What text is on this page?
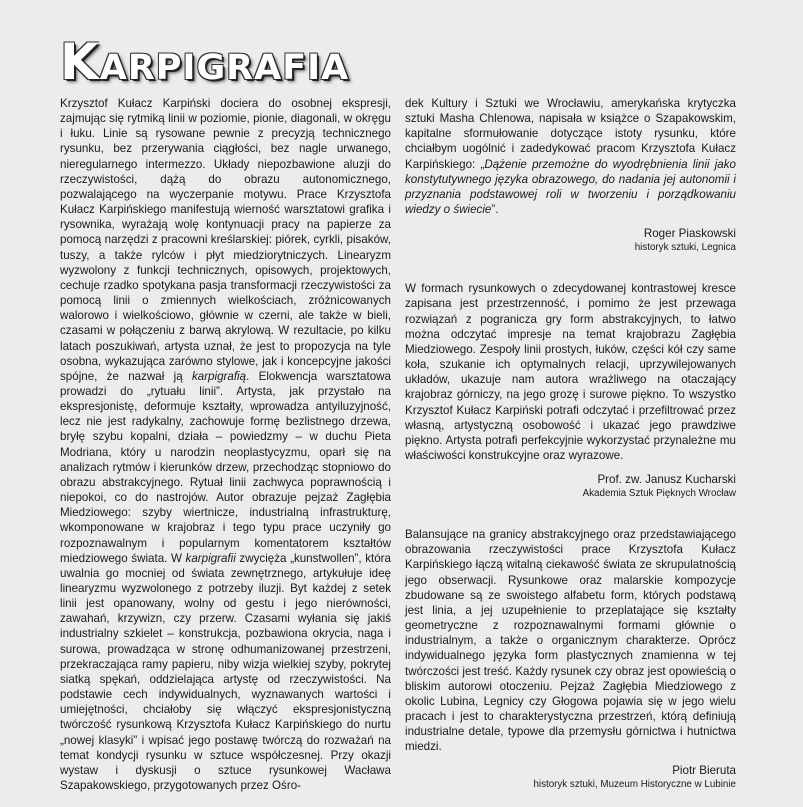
Karpigrafia

Krzysztof Kułacz Karpiński dociera do osobnej ekspresji, zajmując się rytmiką linii w poziomie, pionie, diagonali, w okręgu i łuku. Linie są rysowane pewnie z precyzją technicznego rysunku, bez przerywania ciągłości, bez nagle urwanego, nieregularnego intermezzo. Układy niepozbawione aluzji do rzeczywistości, dążą do obrazu autonomicznego, pozwalającego na wyczerpanie motywu. Prace Krzysztofa Kułacz Karpińskiego manifestują wierność warsztatowi grafika i rysownika, wyrażają wolę kontynuacji pracy na papierze za pomocą narzędzi z pracowni kreślarskiej: piórek, cyrkli, pisaków, tuszy, a także rylców i płyt miedziorytniczych. Linearyzm wyzwolony z funkcji technicznych, opisowych, projektowych, cechuje rzadko spotykana pasja transformacji rzeczywistości za pomocą linii o zmiennych wielkościach, zróżnicowanych walorowo i wielkościowo, głównie w czerni, ale także w bieli, czasami w połączeniu z barwą akrylową. W rezultacie, po kilku latach poszukiwań, artysta uznał, że jest to propozycja na tyle osobna, wykazująca zarówno stylowe, jak i koncepcyjne jakości spójne, że nazwał ją karpigrafią. Elokwencja warsztatowa prowadzi do „rytuału linii”. Artysta, jak przystało na ekspresjonistę, deformuje kształty, wprowadza antyiluzyjność, lecz nie jest radykalny, zachowuje formę bezlistnego drzewa, bryłę szybu kopalni, działa – powiedzmy – w duchu Pieta Modriana, który u narodzin neoplastycyzmu, oparł się na analizach rytmów i kierunków drzew, przechodząc stopniowo do obrazu abstrakcyjnego. Rytuał linii zachwyca poprawnością i niepokoi, co do nastrojów. Autor obrazuje pejzaż Zagłębia Miedziowego: szyby wiertnicze, industrialną infrastrukturę, wkomponowane w krajobraz i tego typu prace uczyniły go rozpoznawalnym i popularnym komentatorem kształtów miedziowego świata. W karpigrafii zwycięża „kunstwollen”, która uwalnia go mocniej od świata zewnętrznego, artykułuje ideę linearyzmu wyzwolonego z potrzeby iluzji. Byt każdej z setek linii jest opanowany, wolny od gestu i jego nierówności, zawahań, krzywizn, czy przerw. Czasami wyłania się jakiś industrialny szkielet – konstrukcja, pozbawiona okrycia, naga i surowa, prowadząca w stronę odhumanizowanej przestrzeni, przekraczająca ramy papieru, niby wizja wielkiej szyby, pokrytej siatką spękań, oddzielająca artystę od rzeczywistości. Na podstawie cech indywidualnych, wyznawanych wartości i umiejętności, chciałoby się włączyć ekspresjonistyczną twórczość rysunkową Krzysztofa Kułacz Karpińskiego do nurtu „nowej klasyki” i wpisać jego postawę twórczą do rozważań na temat kondycji rysunku w sztuce współczesnej. Przy okazji wystaw i dyskusji o sztuce rysunkowej Wacława Szapakowskiego, przygotowanych przez Ośro-

dek Kultury i Sztuki we Wrocławiu, amerykańska krytyczka sztuki Masha Chlenowa, napisała w książce o Szapakowskim, kapitalne sformułowanie dotyczące istoty rysunku, które chciałbym uogólnić i zadedykować pracom Krzysztofa Kułacz Karpińskiego: „Dążenie przemożne do wyodrębnienia linii jako konstytutywnego języka obrazowego, do nadania jej autonomii i przyznania podstawowej roli w tworzeniu i porządkowaniu wiedzy o świecie”.

Roger Piaskowski
historyk sztuki, Legnica

W formach rysunkowych o zdecydowanej kontrastowej kresce zapisana jest przestrzenność, i pomimo że jest przewaga rozwiązań z pogranicza gry form abstrakcyjnych, to łatwo można odczytać impresje na temat krajobrazu Zagłębia Miedziowego. Zespoły linii prostych, łuków, części kół czy same koła, szukanie ich optymalnych relacji, uprzywilejowanych układów, ukazuje nam autora wrażliwego na otaczający krajobraz górniczy, na jego grozę i surowe piękno. To wszystko Krzysztof Kułacz Karpiński potrafi odczytać i przefiltrować przez własną, artystyczną osobowość i ukazać jego prawdziwe piękno. Artysta potrafi perfekcyjnie wykorzystać przynależne mu właściwości konstrukcyjne oraz wyrazowe.

Prof. zw. Janusz Kucharski
Akademia Sztuk Pięknych Wrocław

Balansujące na granicy abstrakcyjnego oraz przedstawiającego obrazowania rzeczywistości prace Krzysztofa Kułacz Karpińskiego łączą witalną ciekawość świata ze skrupulatnością jego obserwacji. Rysunkowe oraz malarskie kompozycje zbudowane są ze swoistego alfabetu form, których podstawą jest linia, a jej uzupełnienie to przeplatające się kształty geometryczne z rozpoznawalnymi formami głównie o industrialnym, a także o organicznym charakterze. Oprócz indywidualnego języka form plastycznych znamienna w tej twórczości jest treść. Każdy rysunek czy obraz jest opowieścią o bliskim autorowi otoczeniu. Pejzaż Zagłębia Miedziowego z okolic Lubina, Legnicy czy Głogowa pojawia się w jego wielu pracach i jest to charakterystyczna przestrzeń, którą definiują industrialne detale, typowe dla przemysłu górnictwa i hutnictwa miedzi.

Piotr Bieruta
historyk sztuki, Muzeum Historyczne w Lubinie
